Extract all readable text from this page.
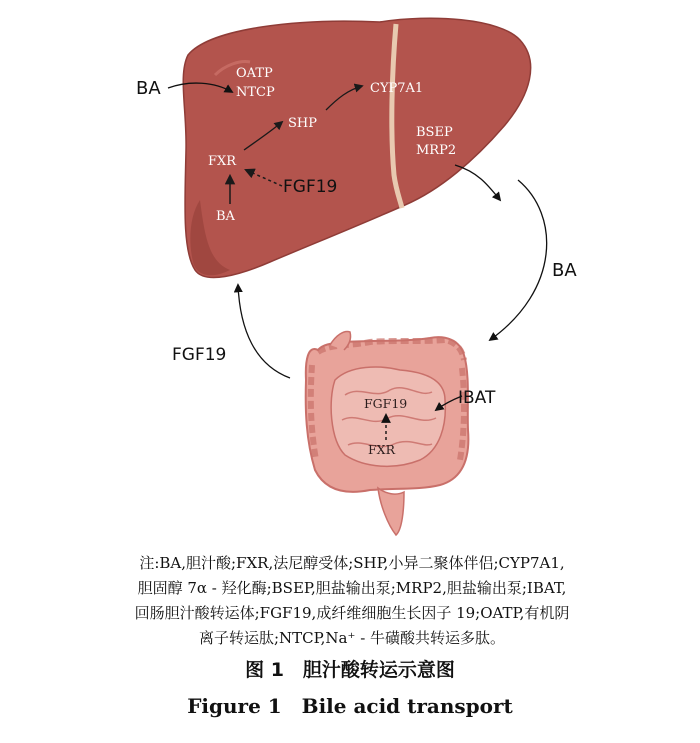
OATP
NTCP
SHP
CYP7A1
FXR
BA
FGF19
BSEP
MRP2
BA
BA
FGF19
IBAT
FGF19
FXR

注:BA,胆汁酸;FXR,法尼醇受体;SHP,小异二聚体伴侣;CYP7A1,

胆固醇 7α - 羟化酶;BSEP,胆盐输出泵;MRP2,胆盐输出泵;IBAT,

回肠胆汁酸转运体;FGF19,成纤维细胞生长因子 19;OATP,有机阴

离子转运肽;NTCP,Na⁺ - 牛磺酸共转运多肽。

图 1　胆汁酸转运示意图

Figure 1　Bile acid transport
